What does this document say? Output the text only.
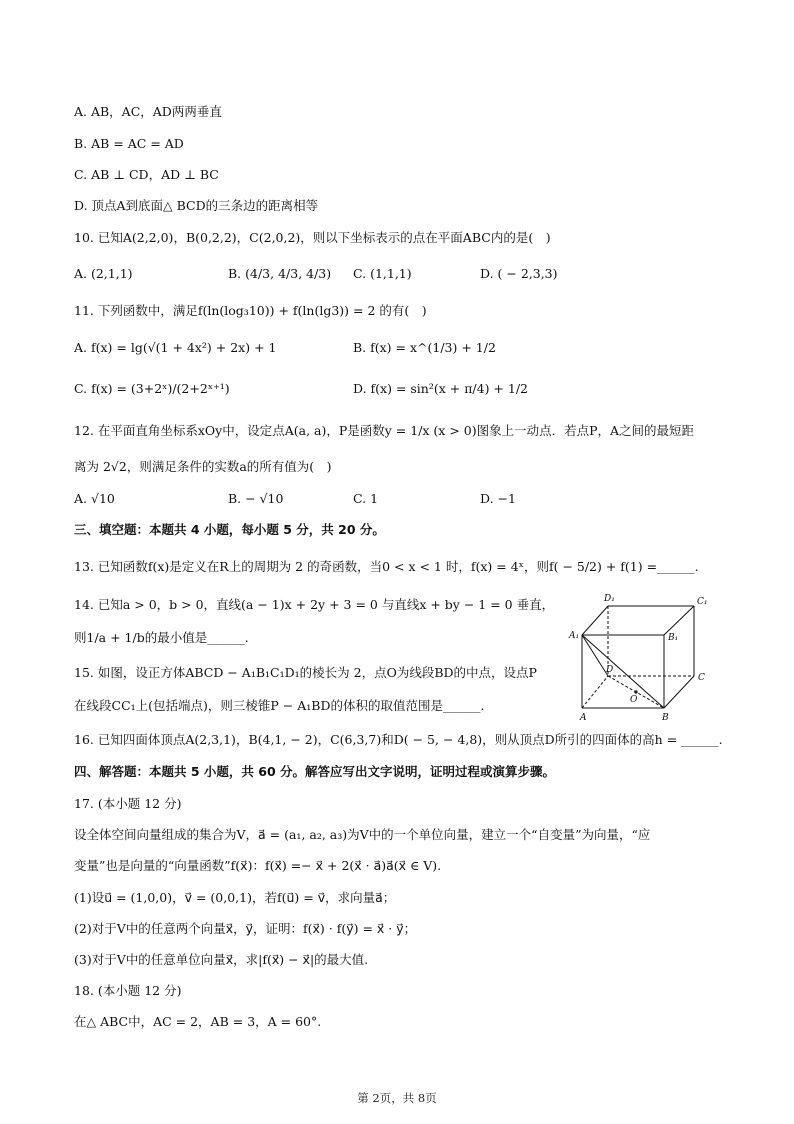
A. AB，AC，AD两两垂直
B. AB = AC = AD
C. AB ⊥ CD，AD ⊥ BC
D. 顶点A到底面△ BCD的三条边的距离相等
10. 已知A(2,2,0)，B(0,2,2)，C(2,0,2)，则以下坐标表示的点在平面ABC内的是(　)
A. (2,1,1)	B. (4/3, 4/3, 4/3) C. (1,1,1)	D. ( − 2,3,3)
11. 下列函数中，满足f(ln(log₃10)) + f(ln(lg3)) = 2 的有(　)
A. f(x) = lg(√(1 + 4x²) + 2x) + 1	B. f(x) = x^(1/3) + 1/2
C. f(x) = (3+2ˣ)/(2+2ˣ⁺¹)	D. f(x) = sin²(x + π/4) + 1/2
12. 在平面直角坐标系xOy中，设定点A(a, a)，P是函数y = 1/x (x > 0)图象上一动点．若点P，A之间的最短距
离为 2√2，则满足条件的实数a的所有值为(　)
A. √10	B. − √10	C. 1	D. −1
三、填空题：本题共 4 小题，每小题 5 分，共 20 分。
13. 已知函数f(x)是定义在R上的周期为 2 的奇函数，当0 < x < 1 时，f(x) = 4ˣ，则f( − 5/2) + f(1) =______.
14. 已知a > 0，b > 0，直线(a − 1)x + 2y + 3 = 0 与直线x + by − 1 = 0 垂直，
则1/a + 1/b的最小值是______.
15. 如图，设正方体ABCD − A₁B₁C₁D₁的棱长为 2，点O为线段BD的中点，设点P
在线段CC₁上(包括端点)，则三棱锥P − A₁BD的体积的取值范围是______.
D₁	C₁
A₁	B₁
D
C
O
A	B
16. 已知四面体顶点A(2,3,1)，B(4,1, − 2)，C(6,3,7)和D( − 5, − 4,8)，则从顶点D所引的四面体的高h = ______.
四、解答题：本题共 5 小题，共 60 分。解答应写出文字说明，证明过程或演算步骤。
17. (本小题 12 分)
设全体空间向量组成的集合为V，a⃗ = (a₁, a₂, a₃)为V中的一个单位向量，建立一个“自变量”为向量，“应
变量”也是向量的“向量函数”f(x⃗)：f(x⃗) =− x⃗ + 2(x⃗ · a⃗)a⃗(x⃗ ∈ V).
(1)设u⃗ = (1,0,0)，v⃗ = (0,0,1)，若f(u⃗) = v⃗，求向量a⃗；
(2)对于V中的任意两个向量x⃗，y⃗，证明：f(x⃗) · f(y⃗) = x⃗ · y⃗；
(3)对于V中的任意单位向量x⃗，求|f(x⃗) − x⃗|的最大值.
18. (本小题 12 分)
在△ ABC中，AC = 2，AB = 3，A = 60°.
第 2页，共 8页
